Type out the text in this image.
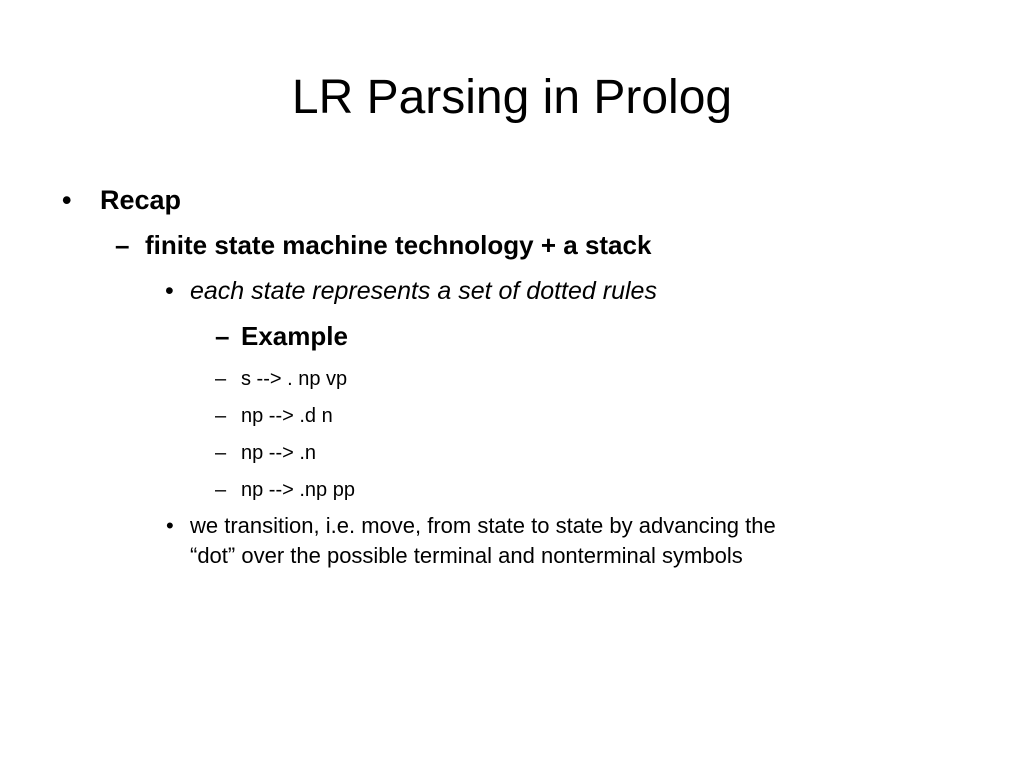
LR Parsing in Prolog
• Recap
– finite state machine technology + a stack
• each state represents a set of dotted rules
– Example
– s --> . np vp
– np --> .d n
– np --> .n
– np --> .np pp
• we transition, i.e. move, from state to state by advancing the
“dot” over the possible terminal and nonterminal symbols
